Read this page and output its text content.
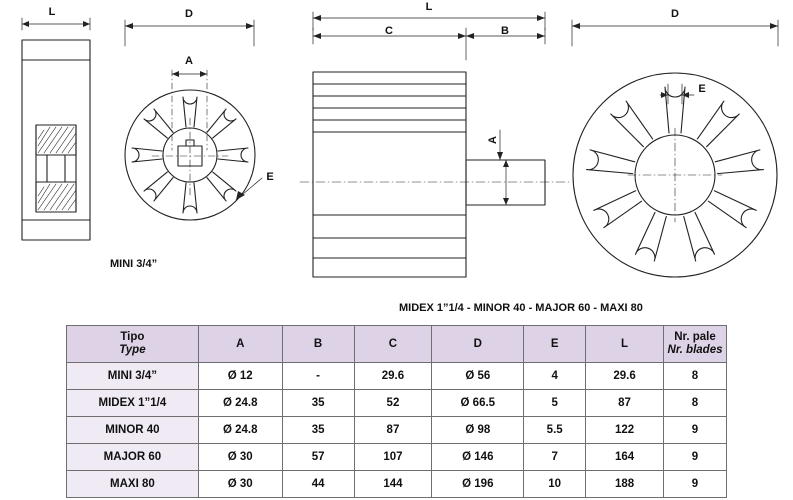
L	D
A
E
L
C	B
A
D
E
MINI 3/4”
MIDEX 1”1/4 - MINOR 40 - MAJOR 60 - MAXI 80
Tipo
Type	A	B	C	D	E	L	Nr. pale
Nr. blades

MINI 3/4”	Ø 12	-	29.6	Ø 56	4	29.6	8
MIDEX 1”1/4	Ø 24.8	35	52	Ø 66.5	5	87	8
MINOR 40	Ø 24.8	35	87	Ø 98	5.5	122	9
MAJOR 60	Ø 30	57	107	Ø 146	7	164	9
MAXI 80	Ø 30	44	144	Ø 196	10	188	9
